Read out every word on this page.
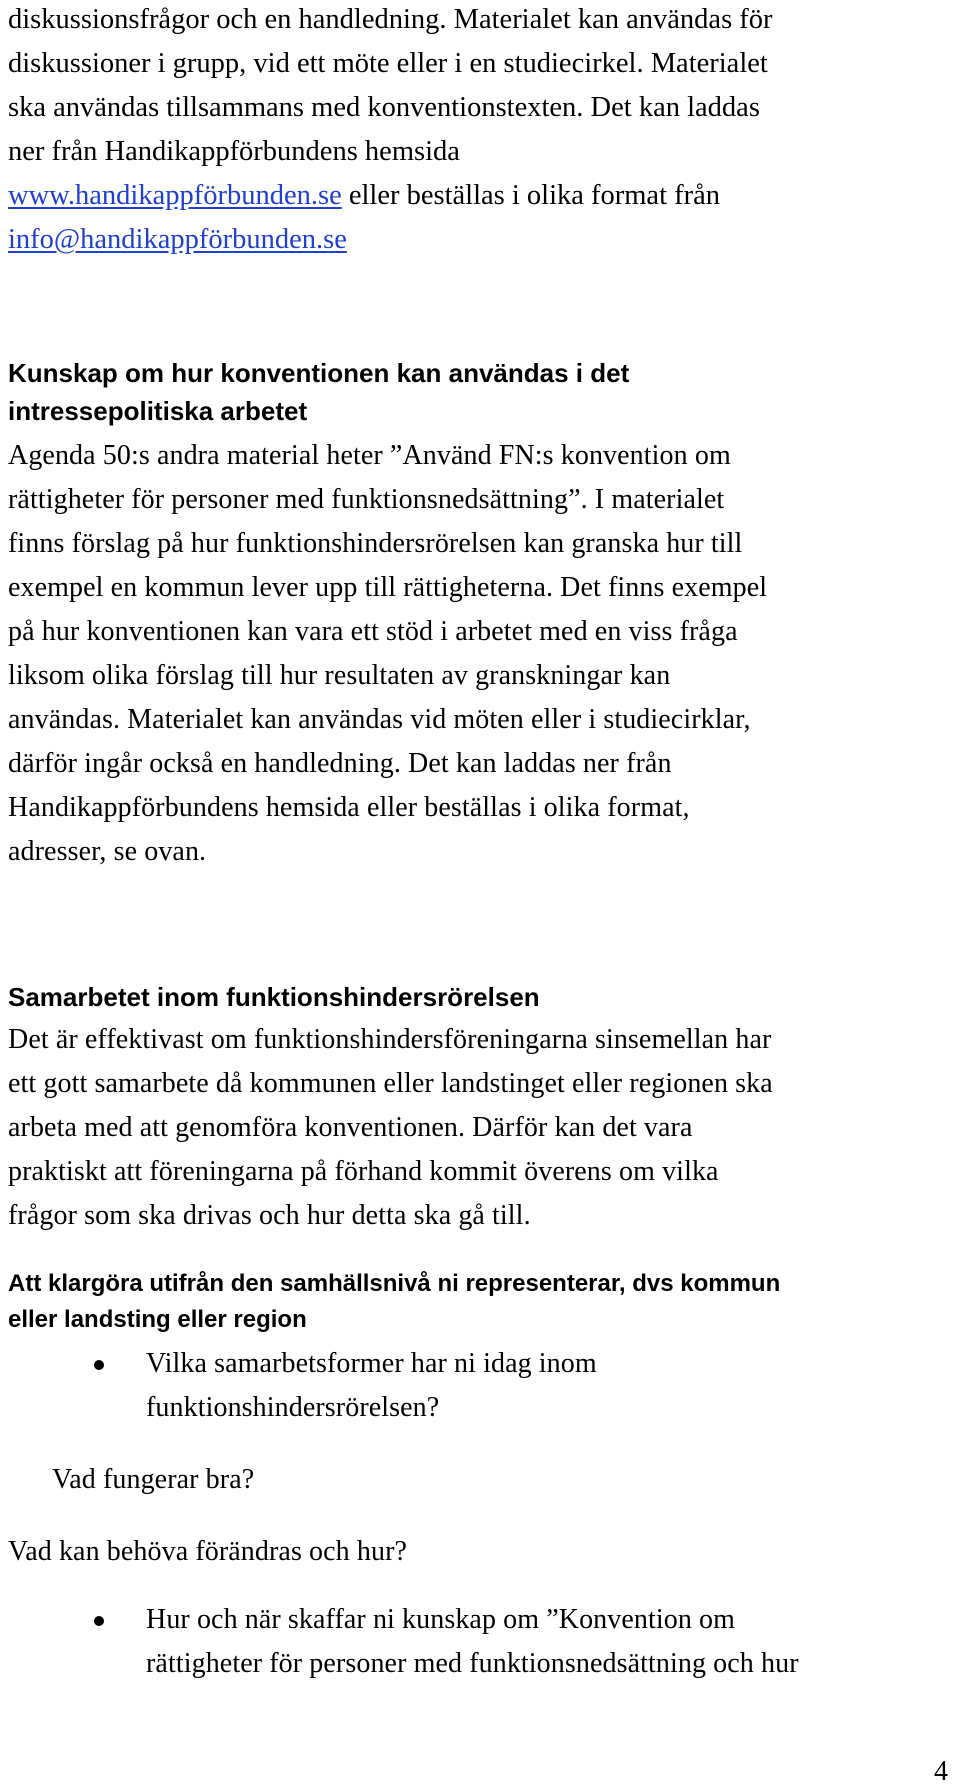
diskussionsfrågor och en handledning. Materialet kan användas för
diskussioner i grupp, vid ett möte eller i en studiecirkel. Materialet
ska användas tillsammans med konventionstexten. Det kan laddas
ner från Handikappförbundens hemsida
www.handikappförbunden.se eller beställas i olika format från
info@handikappförbunden.se
Kunskap om hur konventionen kan användas i det
intressepolitiska arbetet
Agenda 50:s andra material heter ”Använd FN:s konvention om
rättigheter för personer med funktionsnedsättning”. I materialet
finns förslag på hur funktionshindersrörelsen kan granska hur till
exempel en kommun lever upp till rättigheterna. Det finns exempel
på hur konventionen kan vara ett stöd i arbetet med en viss fråga
liksom olika förslag till hur resultaten av granskningar kan
användas. Materialet kan användas vid möten eller i studiecirklar,
därför ingår också en handledning. Det kan laddas ner från
Handikappförbundens hemsida eller beställas i olika format,
adresser, se ovan.
Samarbetet inom funktionshindersrörelsen
Det är effektivast om funktionshindersföreningarna sinsemellan har
ett gott samarbete då kommunen eller landstinget eller regionen ska
arbeta med att genomföra konventionen. Därför kan det vara
praktiskt att föreningarna på förhand kommit överens om vilka
frågor som ska drivas och hur detta ska gå till.
Att klargöra utifrån den samhällsnivå ni representerar, dvs kommun
eller landsting eller region
Vilka samarbetsformer har ni idag inom
funktionshindersrörelsen?
Vad fungerar bra?
Vad kan behöva förändras och hur?
Hur och när skaffar ni kunskap om ”Konvention om
rättigheter för personer med funktionsnedsättning och hur
4
